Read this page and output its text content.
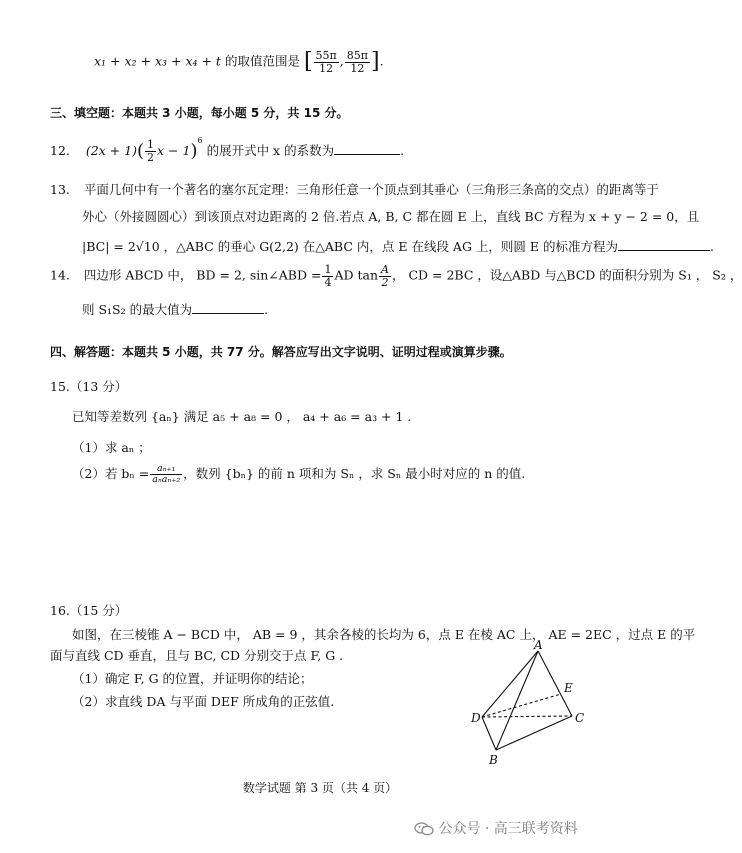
x₁ + x₂ + x₃ + x₄ + t 的取值范围是 [ $\frac{55\pi}{12}$ , $\frac{85\pi}{12}$ ].
三、填空题：本题共 3 小题，每小题 5 分，共 15 分。
12. $(2x + 1)( \frac{1}{2}$ $x - 1)^6$ 的展开式中 x 的系数为	.
13. 平面几何中有一个著名的塞尔瓦定理：三角形任意一个顶点到其垂心（三角形三条高的交点）的距离等于
外心（外接圆圆心）到该顶点对边距离的 2 倍.若点 A, B, C 都在圆 E 上，直线 BC 方程为 x + y − 2 = 0，且
|BC| = 2√10 ，△ABC 的垂心 G(2,2) 在△ABC 内，点 E 在线段 AG 上，则圆 E 的标准方程为	.
14. 四边形 ABCD 中， BD = 2, sin∠ABD = $\frac{1}{4}$ AD $\tan \frac{A}{2}$ ， CD = 2BC ，设△ABD 与△BCD 的面积分别为 S₁ ， S₂ ，
则 S₁S₂ 的最大值为	.
四、解答题：本题共 5 小题，共 77 分。解答应写出文字说明、证明过程或演算步骤。
15.（13 分）
已知等差数列 {aₙ} 满足 a₅ + a₈ = 0 ， a₄ + a₆ = a₃ + 1 .
（1）求 aₙ ；
（2）若 $b_n = \frac{\text{aₙ₊₁}}{\text{aₙaₙ₊₂}}$ ，数列 {bₙ} 的前 n 项和为 Sₙ ，求 Sₙ 最小时对应的 n 的值.
16.（15 分）
如图，在三棱锥 A − BCD 中， AB = 9 ，其余各棱的长均为 6，点 E 在棱 AC 上， AE = 2EC ，过点 E 的平
面与直线 CD 垂直，且与 BC, CD 分别交于点 F, G .
（1）确定 F, G 的位置，并证明你的结论；
（2）求直线 DA 与平面 DEF 所成角的正弦值.
A
E
D	C
B
数学试题 第 3 页（共 4 页）
公众号 · 高三联考资料
